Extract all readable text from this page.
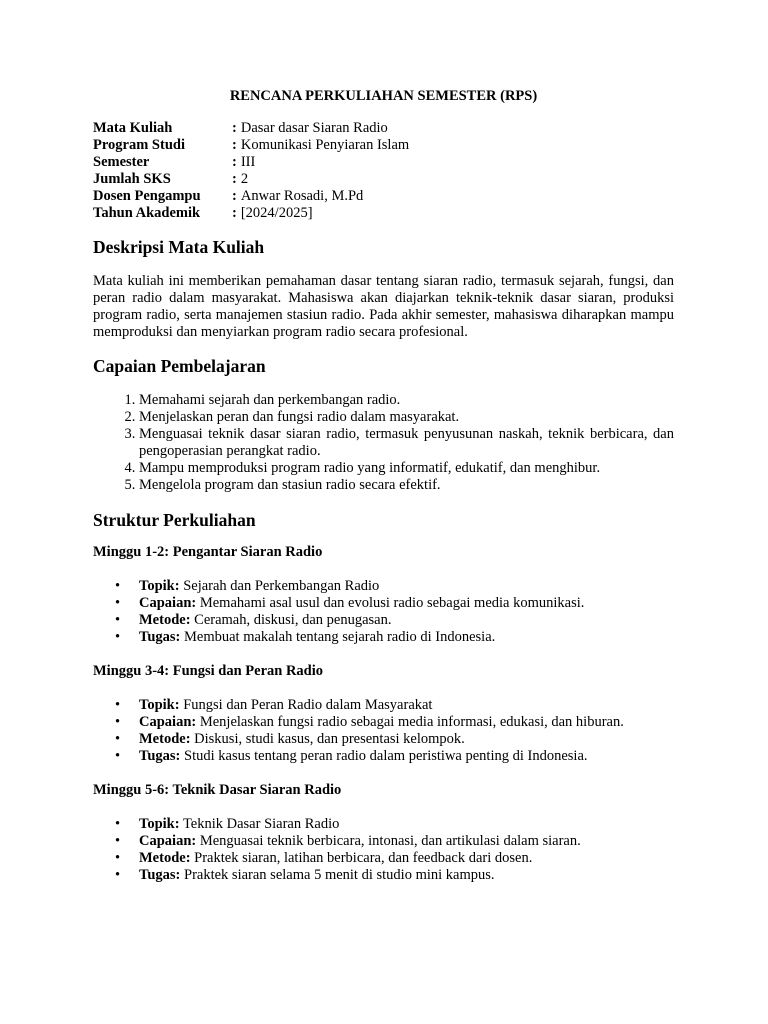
RENCANA PERKULIAHAN SEMESTER (RPS)
Mata Kuliah	: Dasar dasar Siaran Radio
Program Studi	: Komunikasi Penyiaran Islam
Semester	: III
Jumlah SKS	: 2
Dosen Pengampu	: Anwar Rosadi, M.Pd
Tahun Akademik	: [2024/2025]
Deskripsi Mata Kuliah

Mata kuliah ini memberikan pemahaman dasar tentang siaran radio, termasuk sejarah, fungsi, dan peran radio dalam masyarakat. Mahasiswa akan diajarkan teknik-teknik dasar siaran, produksi program radio, serta manajemen stasiun radio. Pada akhir semester, mahasiswa diharapkan mampu memproduksi dan menyiarkan program radio secara profesional.

Capaian Pembelajaran
1. Memahami sejarah dan perkembangan radio.
2. Menjelaskan peran dan fungsi radio dalam masyarakat.
3. Menguasai teknik dasar siaran radio, termasuk penyusunan naskah, teknik berbicara, dan pengoperasian perangkat radio.
4. Mampu memproduksi program radio yang informatif, edukatif, dan menghibur.
5. Mengelola program dan stasiun radio secara efektif.
Struktur Perkuliahan
Minggu 1-2: Pengantar Siaran Radio
• Topik: Sejarah dan Perkembangan Radio
• Capaian: Memahami asal usul dan evolusi radio sebagai media komunikasi.
• Metode: Ceramah, diskusi, dan penugasan.
• Tugas: Membuat makalah tentang sejarah radio di Indonesia.
Minggu 3-4: Fungsi dan Peran Radio
• Topik: Fungsi dan Peran Radio dalam Masyarakat
• Capaian: Menjelaskan fungsi radio sebagai media informasi, edukasi, dan hiburan.
• Metode: Diskusi, studi kasus, dan presentasi kelompok.
• Tugas: Studi kasus tentang peran radio dalam peristiwa penting di Indonesia.
Minggu 5-6: Teknik Dasar Siaran Radio
• Topik: Teknik Dasar Siaran Radio
• Capaian: Menguasai teknik berbicara, intonasi, dan artikulasi dalam siaran.
• Metode: Praktek siaran, latihan berbicara, dan feedback dari dosen.
• Tugas: Praktek siaran selama 5 menit di studio mini kampus.
